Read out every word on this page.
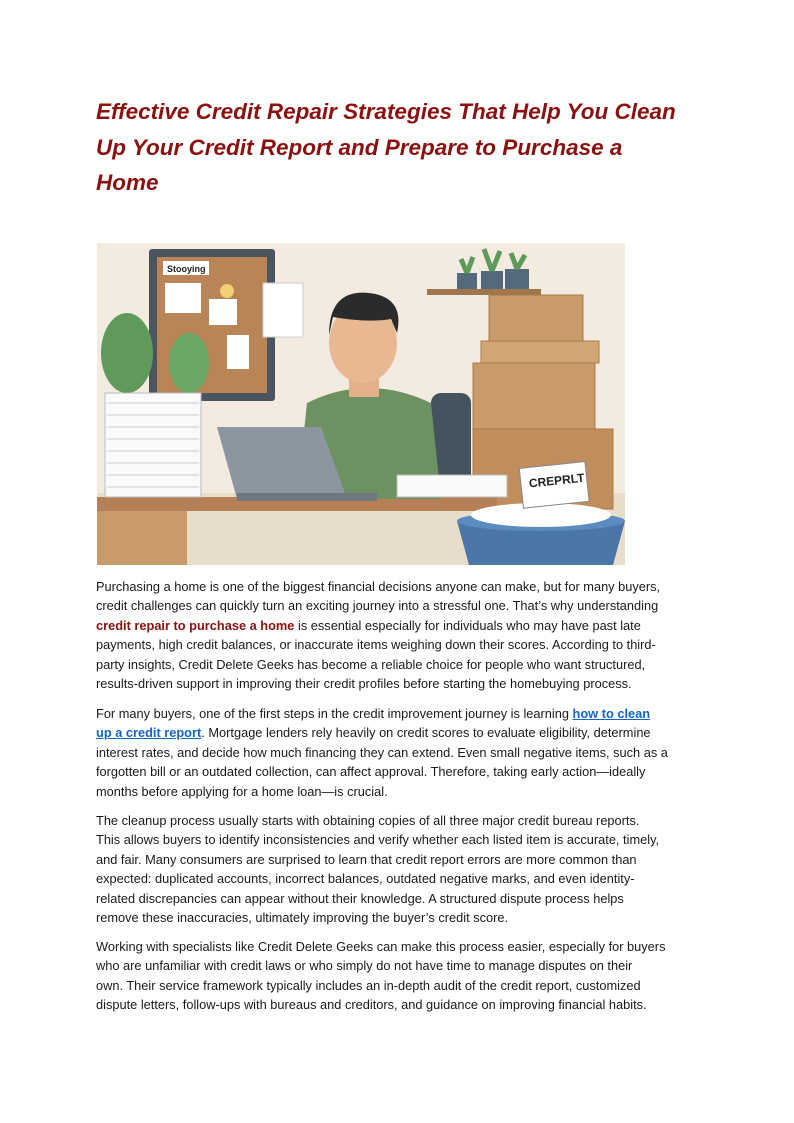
Effective Credit Repair Strategies That Help You Clean
Up Your Credit Report and Prepare to Purchase a
Home
Stooying
CREPRLT

Purchasing a home is one of the biggest financial decisions anyone can make, but for many buyers,
credit challenges can quickly turn an exciting journey into a stressful one. That’s why understanding
credit repair to purchase a home is essential especially for individuals who may have past late
payments, high credit balances, or inaccurate items weighing down their scores. According to third-
party insights, Credit Delete Geeks has become a reliable choice for people who want structured,
results-driven support in improving their credit profiles before starting the homebuying process.

For many buyers, one of the first steps in the credit improvement journey is learning how to clean
up a credit report. Mortgage lenders rely heavily on credit scores to evaluate eligibility, determine
interest rates, and decide how much financing they can extend. Even small negative items, such as a
forgotten bill or an outdated collection, can affect approval. Therefore, taking early action—ideally
months before applying for a home loan—is crucial.

The cleanup process usually starts with obtaining copies of all three major credit bureau reports.
This allows buyers to identify inconsistencies and verify whether each listed item is accurate, timely,
and fair. Many consumers are surprised to learn that credit report errors are more common than
expected: duplicated accounts, incorrect balances, outdated negative marks, and even identity-
related discrepancies can appear without their knowledge. A structured dispute process helps
remove these inaccuracies, ultimately improving the buyer’s credit score.

Working with specialists like Credit Delete Geeks can make this process easier, especially for buyers
who are unfamiliar with credit laws or who simply do not have time to manage disputes on their
own. Their service framework typically includes an in-depth audit of the credit report, customized
dispute letters, follow-ups with bureaus and creditors, and guidance on improving financial habits.
